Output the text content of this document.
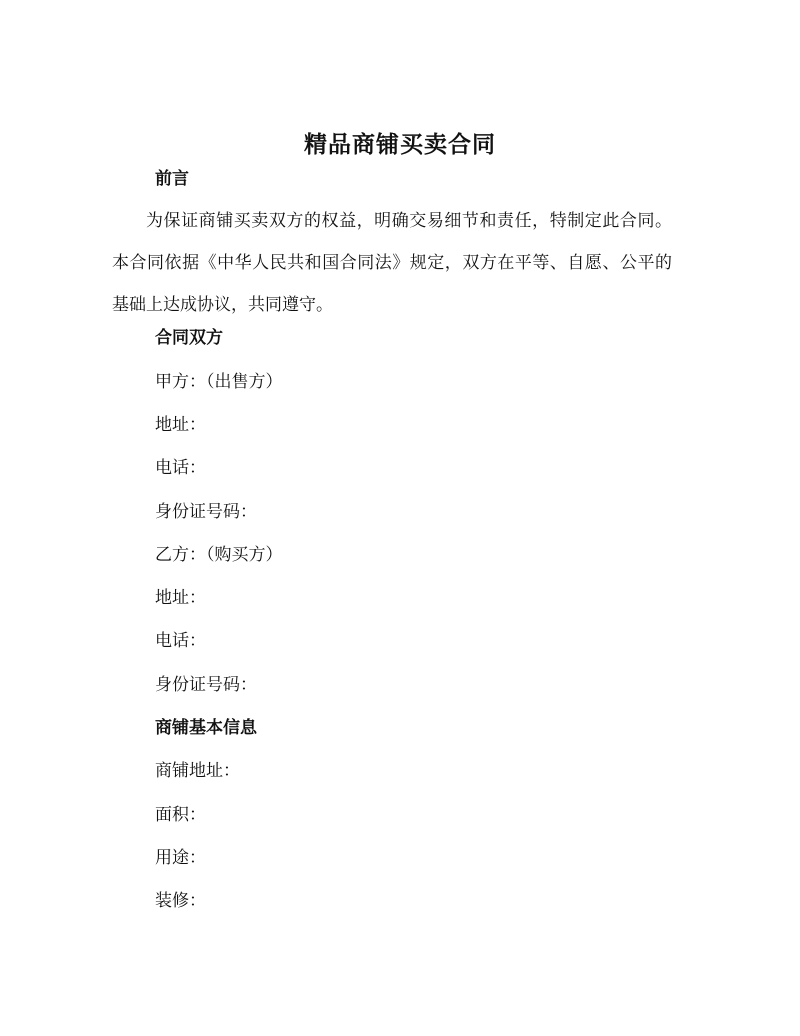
精品商铺买卖合同
前言

为保证商铺买卖双方的权益，明确交易细节和责任，特制定此合同。本合同依据《中华人民共和国合同法》规定，双方在平等、自愿、公平的基础上达成协议，共同遵守。

合同双方

甲方：（出售方）

地址：

电话：

身份证号码：

乙方：（购买方）

地址：

电话：

身份证号码：

商铺基本信息

商铺地址：

面积：

用途：

装修：
